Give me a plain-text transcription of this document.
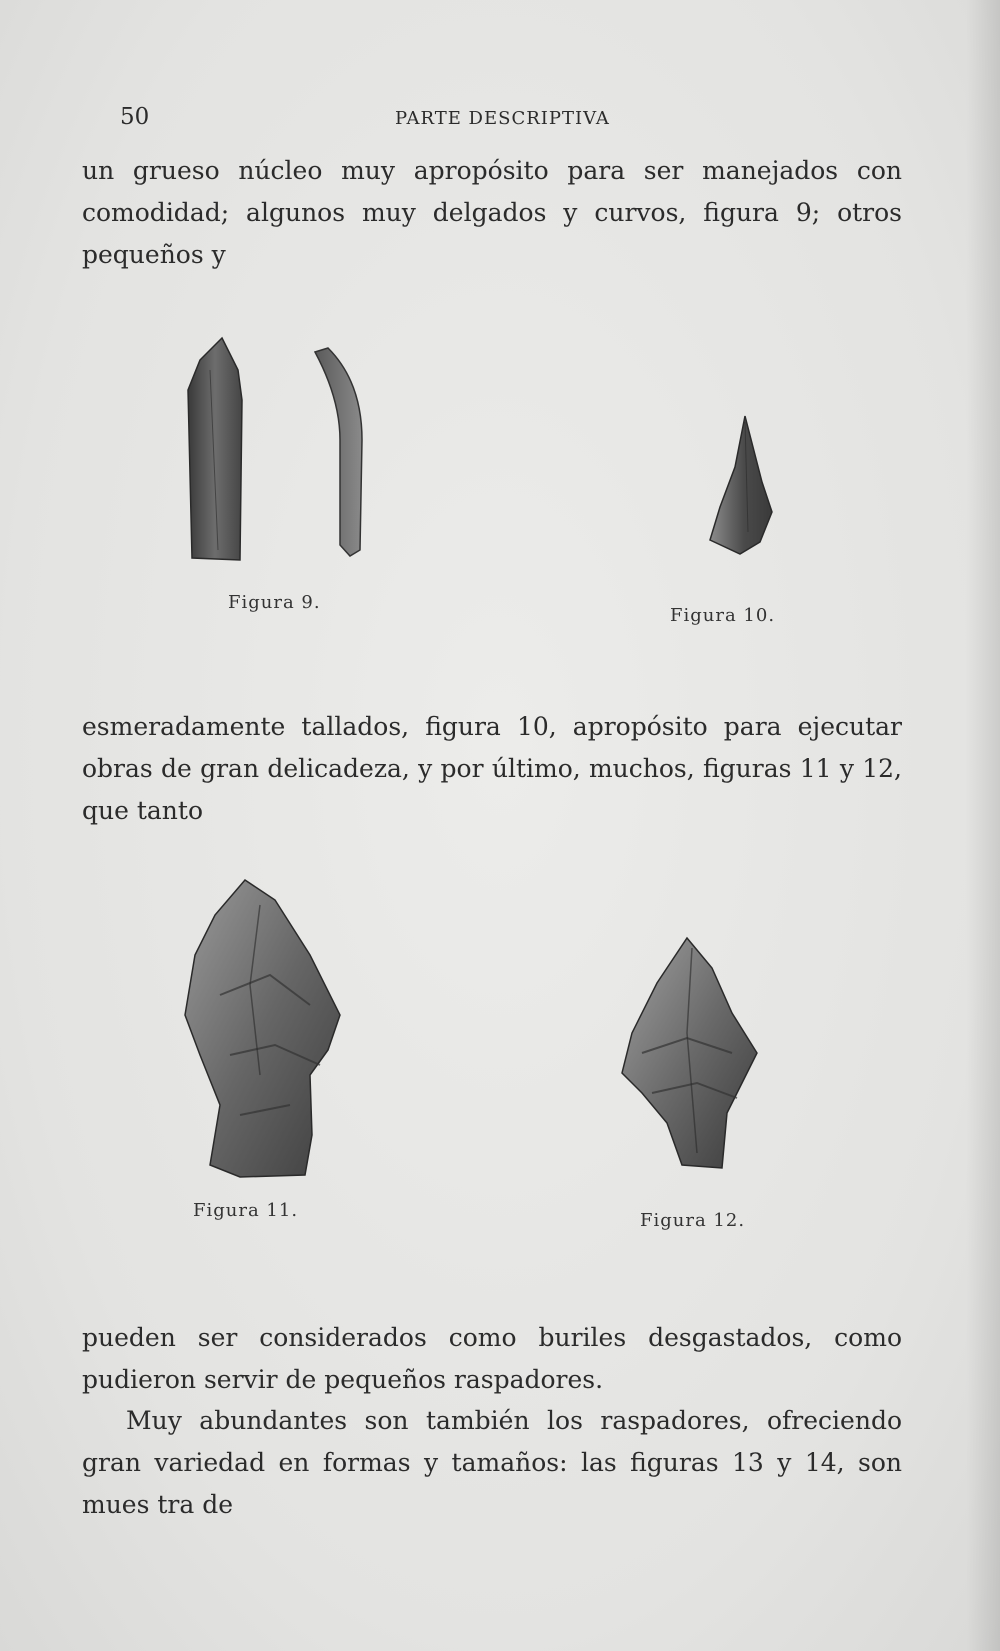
50	PARTE DESCRIPTIVA
un grueso núcleo muy apropósito para ser manejados con comodidad; algunos muy delgados y curvos, figura 9; otros pequeños y
Figura 9.
Figura 10.
esmeradamente tallados, figura 10, apropósito para ejecutar obras de gran delicadeza, y por último, muchos, figuras 11 y 12, que tanto
Figura 11.	Figura 12.
pueden ser considerados como buriles desgastados, como pudieron servir de pequeños raspadores.
Muy abundantes son también los raspadores, ofreciendo gran variedad en formas y tamaños: las figuras 13 y 14, son mues tra de
